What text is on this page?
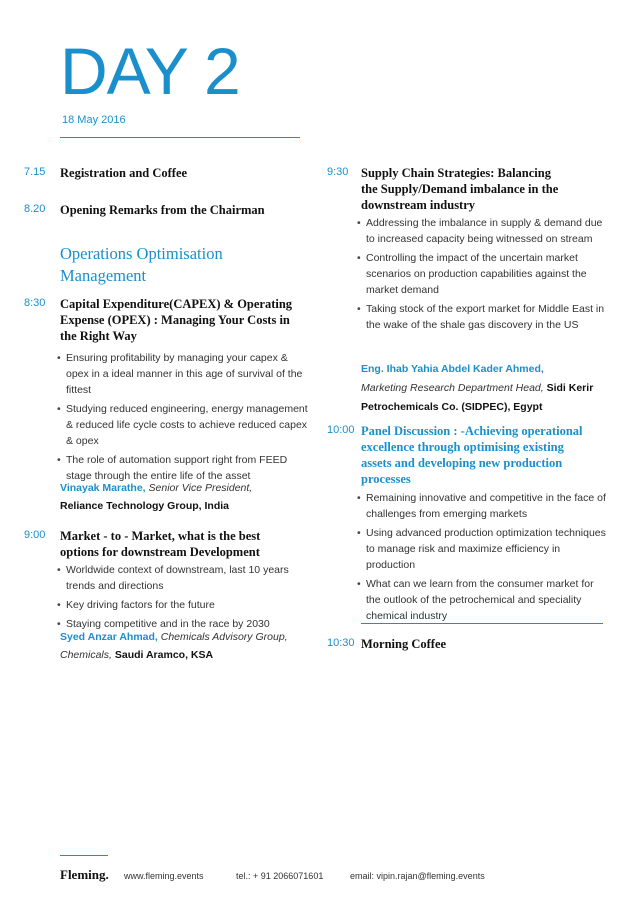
DAY 2
18 May 2016
7.15 Registration and Coffee
8.20 Opening Remarks from the Chairman
Operations Optimisation
Management
8:30 Capital Expenditure(CAPEX) & Operating
Expense (OPEX) : Managing Your Costs in
the Right Way
• Ensuring profitability by managing your capex & opex in a ideal manner in this age of survival of the fittest
• Studying reduced engineering, energy management & reduced life cycle costs to achieve reduced capex & opex
• The role of automation support right from FEED stage through the entire life of the asset
Vinayak Marathe, Senior Vice President,
Reliance Technology Group, India
9:00 Market - to - Market, what is the best
options for downstream Development
• Worldwide context of downstream, last 10 years trends and directions
• Key driving factors for the future
• Staying competitive and in the race by 2030
Syed Anzar Ahmad, Chemicals Advisory Group,
Chemicals, Saudi Aramco, KSA
9:30 Supply Chain Strategies: Balancing
the Supply/Demand imbalance in the
downstream industry
• Addressing the imbalance in supply & demand due to increased capacity being witnessed on stream
• Controlling the impact of the uncertain market scenarios on production capabilities against the market demand
• Taking stock of the export market for Middle East in the wake of the shale gas discovery in the US
Eng. Ihab Yahia Abdel Kader Ahmed,
Marketing Research Department Head, Sidi Kerir
Petrochemicals Co. (SIDPEC), Egypt
10:00 Panel Discussion : -Achieving operational
excellence through optimising existing
assets and developing new production
processes
• Remaining innovative and competitive in the face of challenges from emerging markets
• Using advanced production optimization techniques to manage risk and maximize efficiency in production
• What can we learn from the consumer market for the outlook of the petrochemical and speciality chemical industry
10:30 Morning Coffee
Fleming. www.fleming.events	tel.: + 91 2066071601	email: vipin.rajan@fleming.events
